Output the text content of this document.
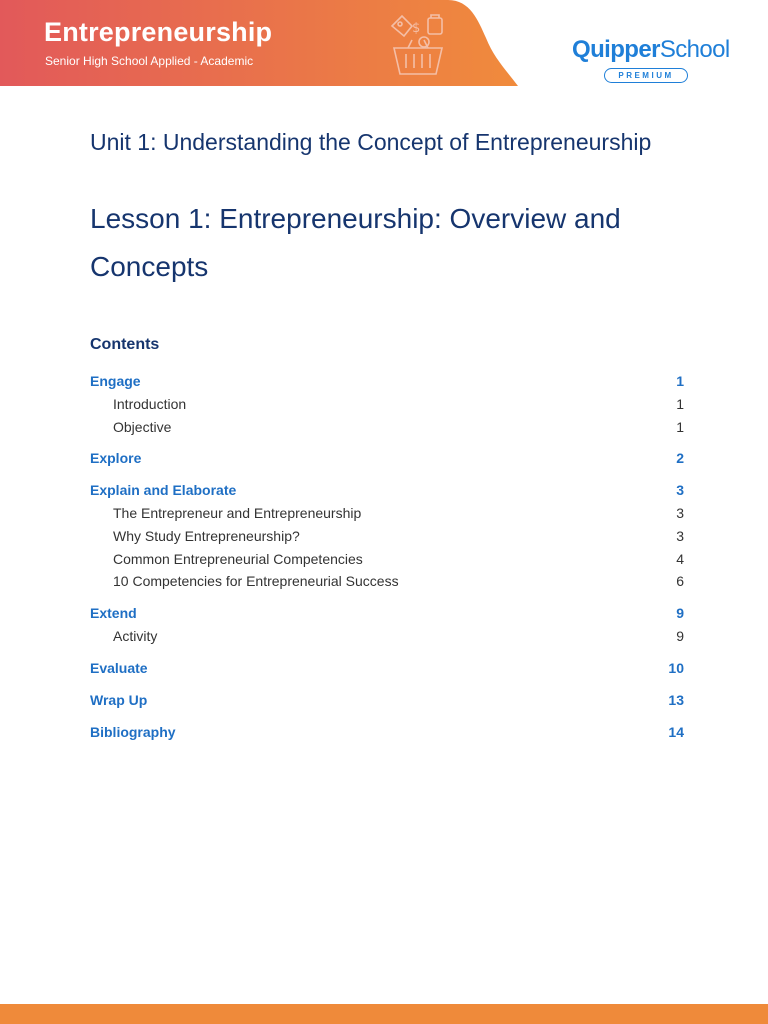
Entrepreneurship
Senior High School Applied - Academic
$
QuipperSchool
PREMIUM
Unit 1: Understanding the Concept of Entrepreneurship
Lesson 1: Entrepreneurship: Overview and Concepts
Contents
Engage	1
Introduction	1
Objective	1
Explore	2
Explain and Elaborate	3
The Entrepreneur and Entrepreneurship	3
Why Study Entrepreneurship?	3
Common Entrepreneurial Competencies	4
10 Competencies for Entrepreneurial Success	6
Extend	9
Activity	9
Evaluate	10
Wrap Up	13
Bibliography	14
